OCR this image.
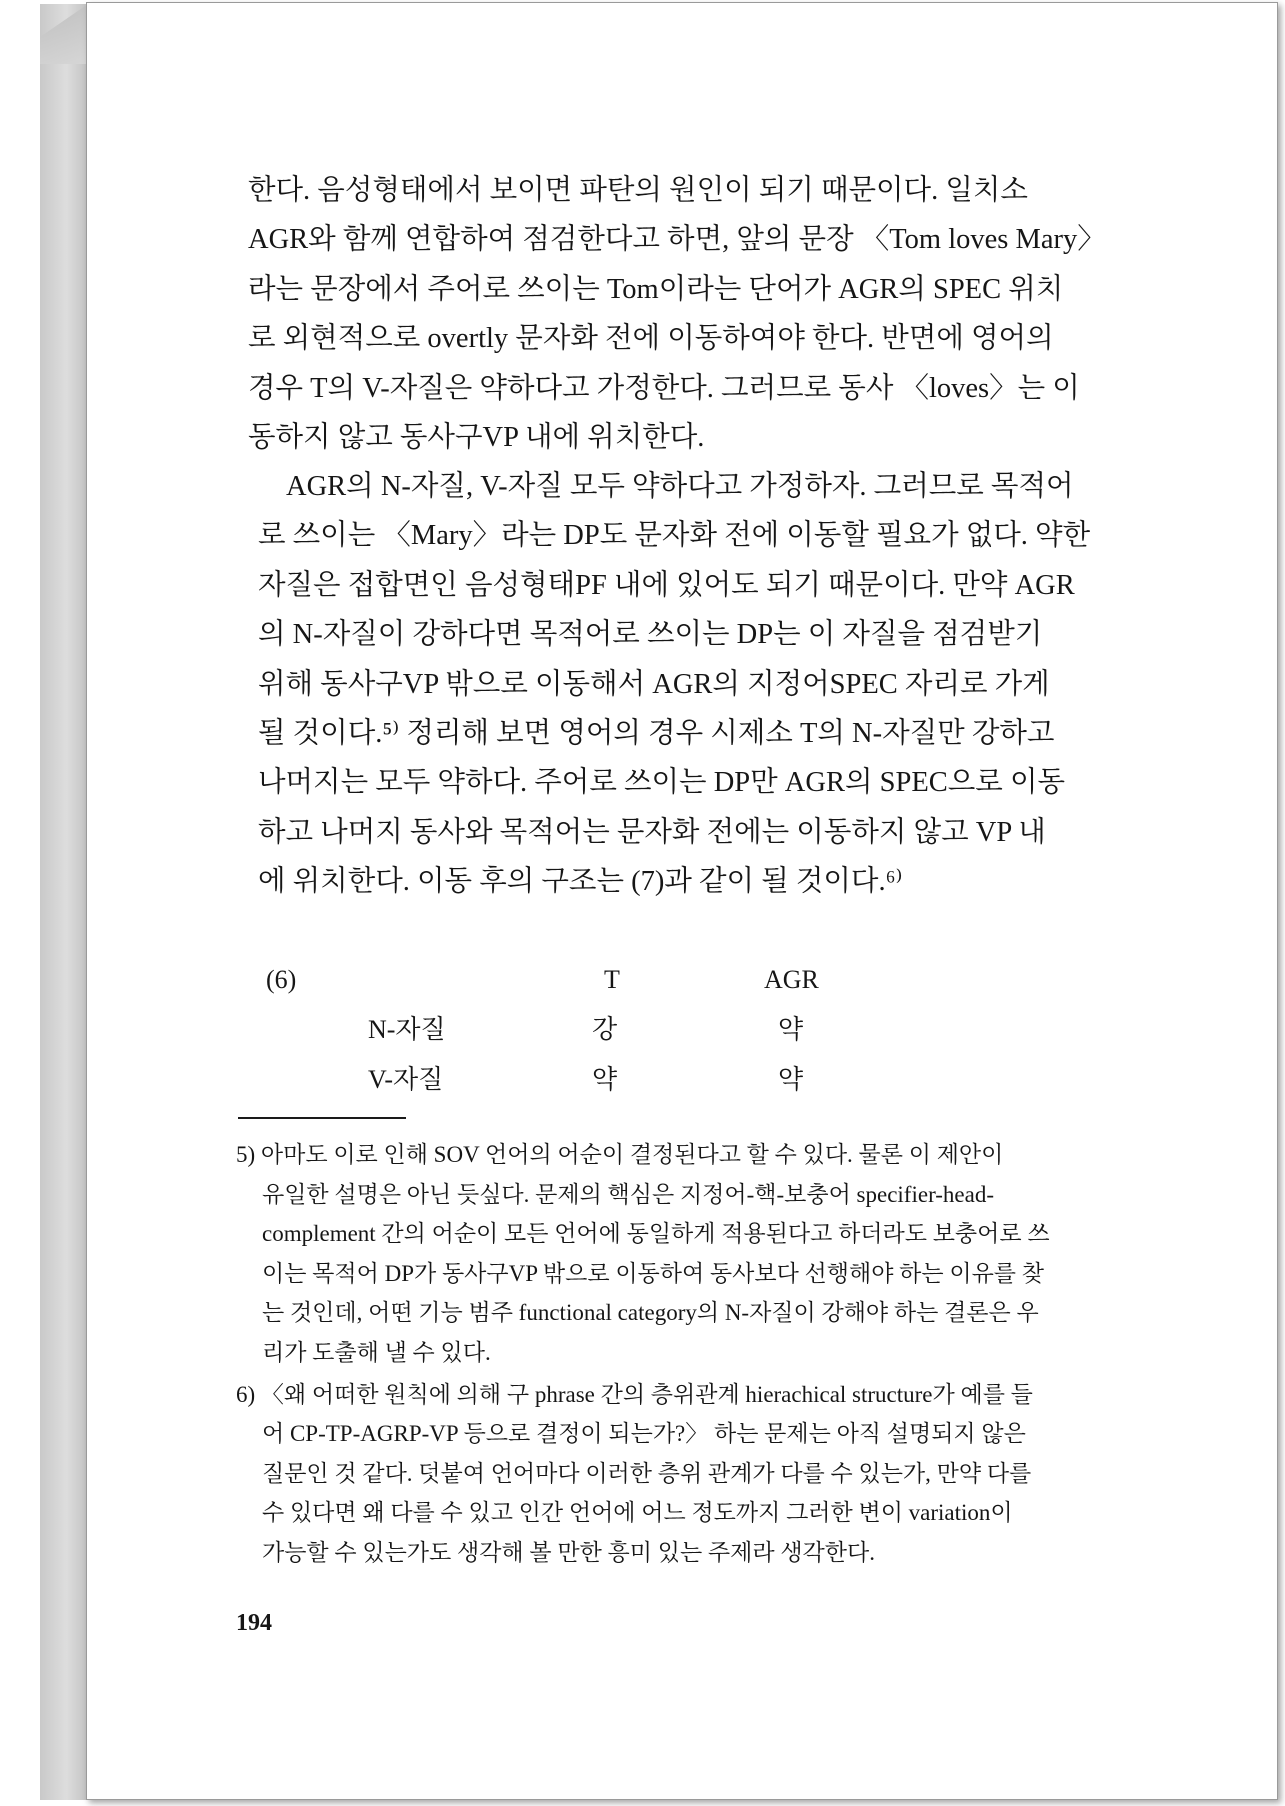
한다. 음성형태에서 보이면 파탄의 원인이 되기 때문이다. 일치소
AGR와 함께 연합하여 점검한다고 하면, 앞의 문장 〈Tom loves Mary〉
라는 문장에서 주어로 쓰이는 Tom이라는 단어가 AGR의 SPEC 위치
로 외현적으로 overtly 문자화 전에 이동하여야 한다. 반면에 영어의
경우 T의 V-자질은 약하다고 가정한다. 그러므로 동사 〈loves〉는 이
동하지 않고 동사구VP 내에 위치한다.
AGR의 N-자질, V-자질 모두 약하다고 가정하자. 그러므로 목적어
로 쓰이는 〈Mary〉라는 DP도 문자화 전에 이동할 필요가 없다. 약한
자질은 접합면인 음성형태PF 내에 있어도 되기 때문이다. 만약 AGR
의 N-자질이 강하다면 목적어로 쓰이는 DP는 이 자질을 점검받기
위해 동사구VP 밖으로 이동해서 AGR의 지정어SPEC 자리로 가게
될 것이다.⁵⁾ 정리해 보면 영어의 경우 시제소 T의 N-자질만 강하고
나머지는 모두 약하다. 주어로 쓰이는 DP만 AGR의 SPEC으로 이동
하고 나머지 동사와 목적어는 문자화 전에는 이동하지 않고 VP 내
에 위치한다. 이동 후의 구조는 (7)과 같이 될 것이다.⁶⁾
(6)	T	AGR
N-자질	강	약
V-자질	약	약
5) 아마도 이로 인해 SOV 언어의 어순이 결정된다고 할 수 있다. 물론 이 제안이
유일한 설명은 아닌 듯싶다. 문제의 핵심은 지정어-핵-보충어 specifier-head-
complement 간의 어순이 모든 언어에 동일하게 적용된다고 하더라도 보충어로 쓰
이는 목적어 DP가 동사구VP 밖으로 이동하여 동사보다 선행해야 하는 이유를 찾
는 것인데, 어떤 기능 범주 functional category의 N-자질이 강해야 하는 결론은 우
리가 도출해 낼 수 있다.
6) 〈왜 어떠한 원칙에 의해 구 phrase 간의 층위관계 hierachical structure가 예를 들
어 CP-TP-AGRP-VP 등으로 결정이 되는가?〉 하는 문제는 아직 설명되지 않은
질문인 것 같다. 덧붙여 언어마다 이러한 층위 관계가 다를 수 있는가, 만약 다를
수 있다면 왜 다를 수 있고 인간 언어에 어느 정도까지 그러한 변이 variation이
가능할 수 있는가도 생각해 볼 만한 흥미 있는 주제라 생각한다.
194
